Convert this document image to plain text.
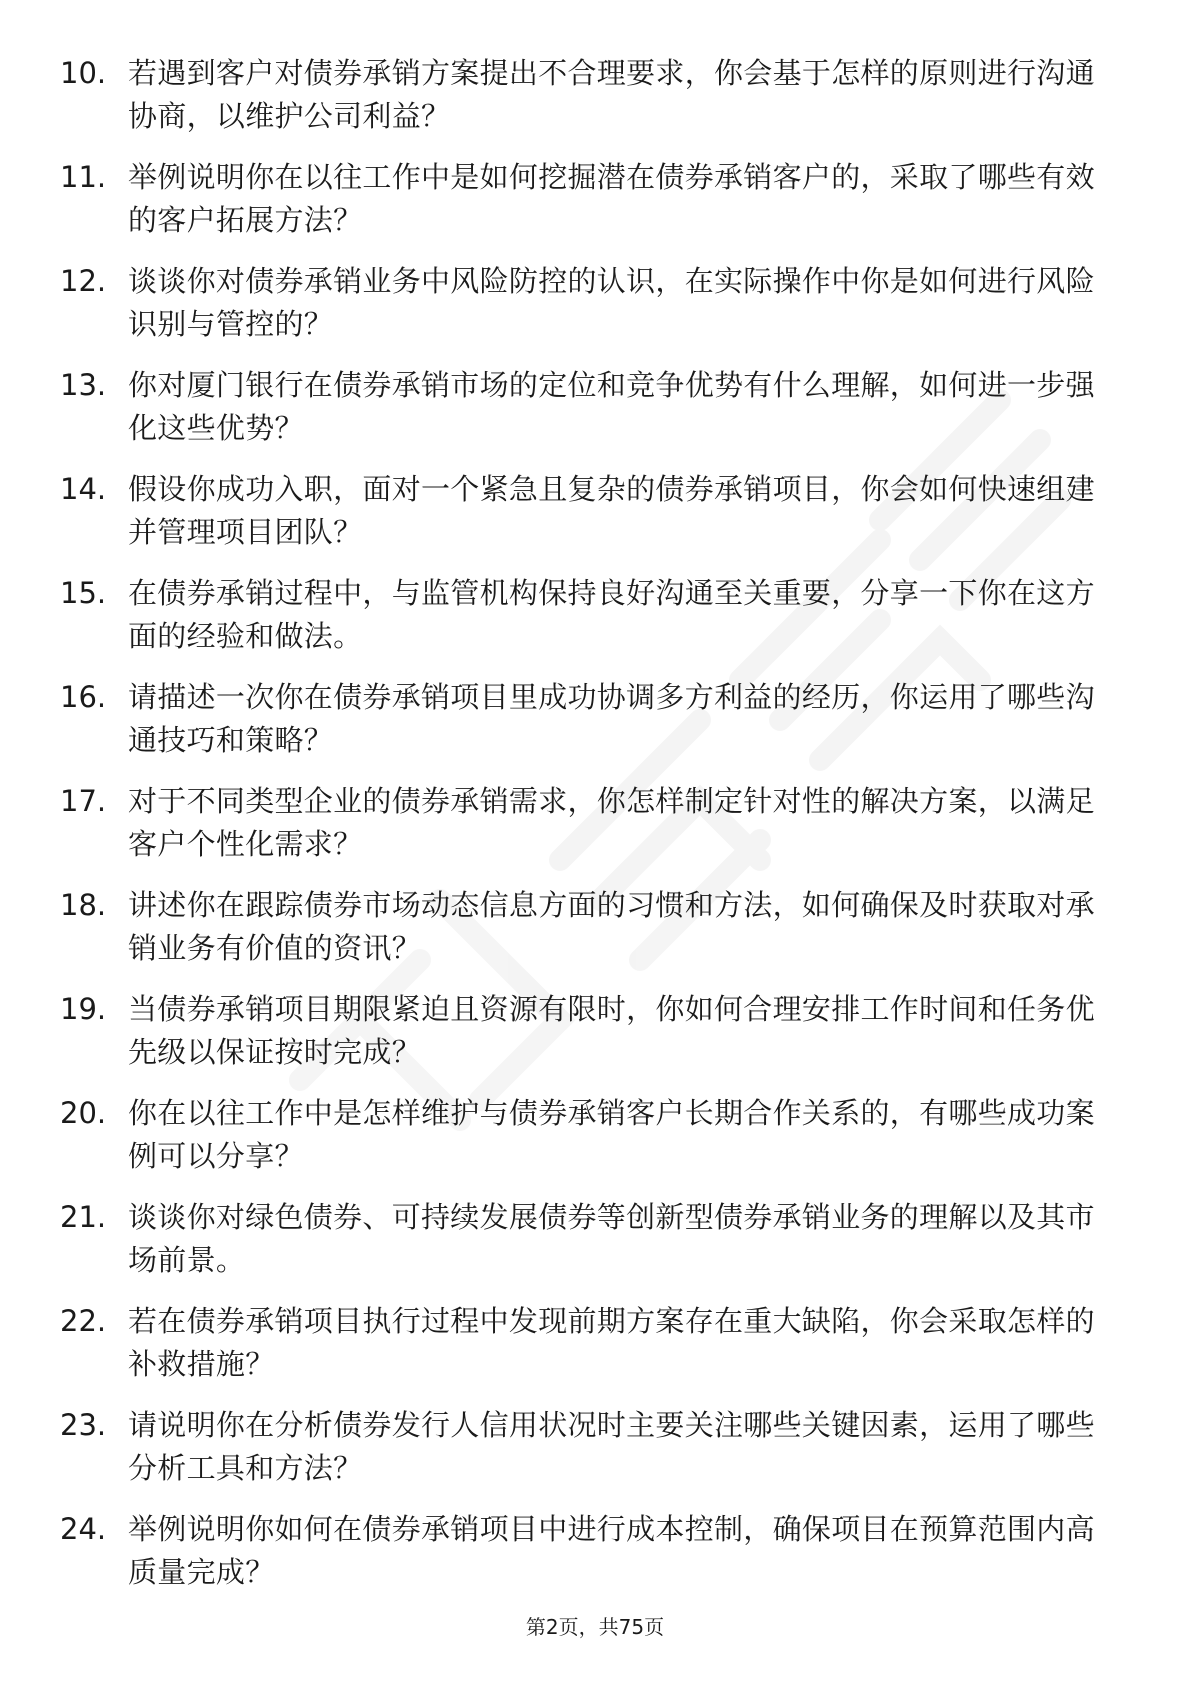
10. 若遇到客户对债券承销方案提出不合理要求，你会基于怎样的原则进行沟通协商，以维护公司利益？
11. 举例说明你在以往工作中是如何挖掘潜在债券承销客户的，采取了哪些有效的客户拓展方法？
12. 谈谈你对债券承销业务中风险防控的认识，在实际操作中你是如何进行风险识别与管控的？
13. 你对厦门银行在债券承销市场的定位和竞争优势有什么理解，如何进一步强化这些优势？
14. 假设你成功入职，面对一个紧急且复杂的债券承销项目，你会如何快速组建并管理项目团队？
15. 在债券承销过程中，与监管机构保持良好沟通至关重要，分享一下你在这方面的经验和做法。
16. 请描述一次你在债券承销项目里成功协调多方利益的经历，你运用了哪些沟通技巧和策略？
17. 对于不同类型企业的债券承销需求，你怎样制定针对性的解决方案，以满足客户个性化需求？
18. 讲述你在跟踪债券市场动态信息方面的习惯和方法，如何确保及时获取对承销业务有价值的资讯？
19. 当债券承销项目期限紧迫且资源有限时，你如何合理安排工作时间和任务优先级以保证按时完成？
20. 你在以往工作中是怎样维护与债券承销客户长期合作关系的，有哪些成功案例可以分享？
21. 谈谈你对绿色债券、可持续发展债券等创新型债券承销业务的理解以及其市场前景。
22. 若在债券承销项目执行过程中发现前期方案存在重大缺陷，你会采取怎样的补救措施？
23. 请说明你在分析债券发行人信用状况时主要关注哪些关键因素，运用了哪些分析工具和方法？
24. 举例说明你如何在债券承销项目中进行成本控制，确保项目在预算范围内高质量完成？
第2页，共75页
